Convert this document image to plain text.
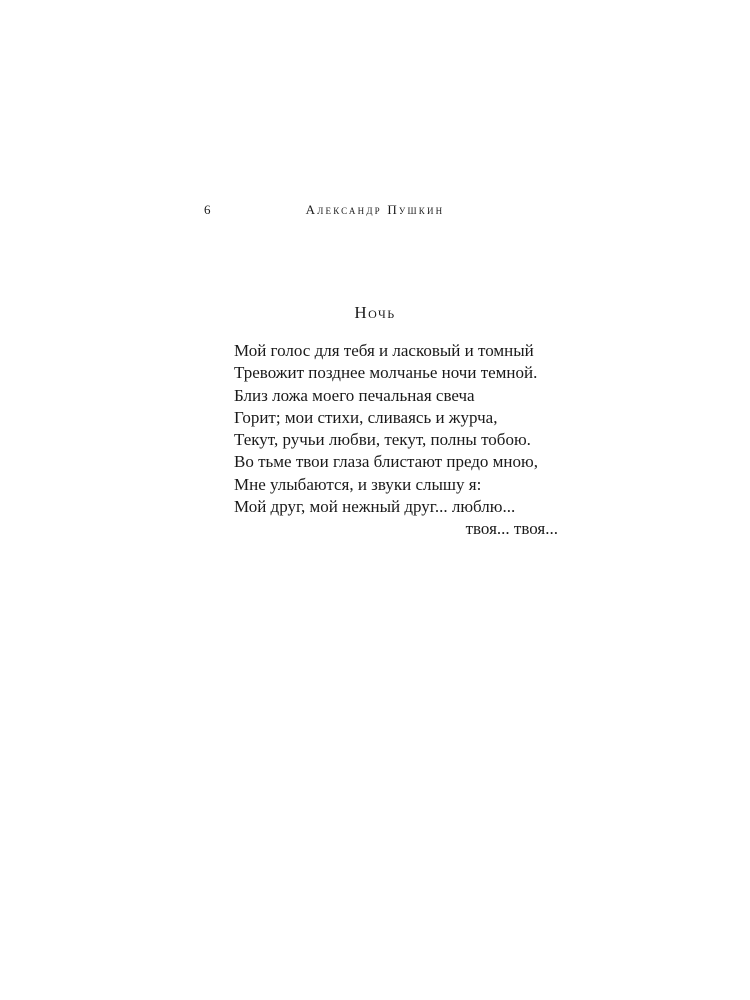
6	Александр Пушкин
Ночь
Мой голос для тебя и ласковый и томный
Тревожит позднее молчанье ночи темной.
Близ ложа моего печальная свеча
Горит; мои стихи, сливаясь и журча,
Текут, ручьи любви, текут, полны тобою.
Во тьме твои глаза блистают предо мною,
Мне улыбаются, и звуки слышу я:
Мой друг, мой нежный друг... люблю...
твоя... твоя...
